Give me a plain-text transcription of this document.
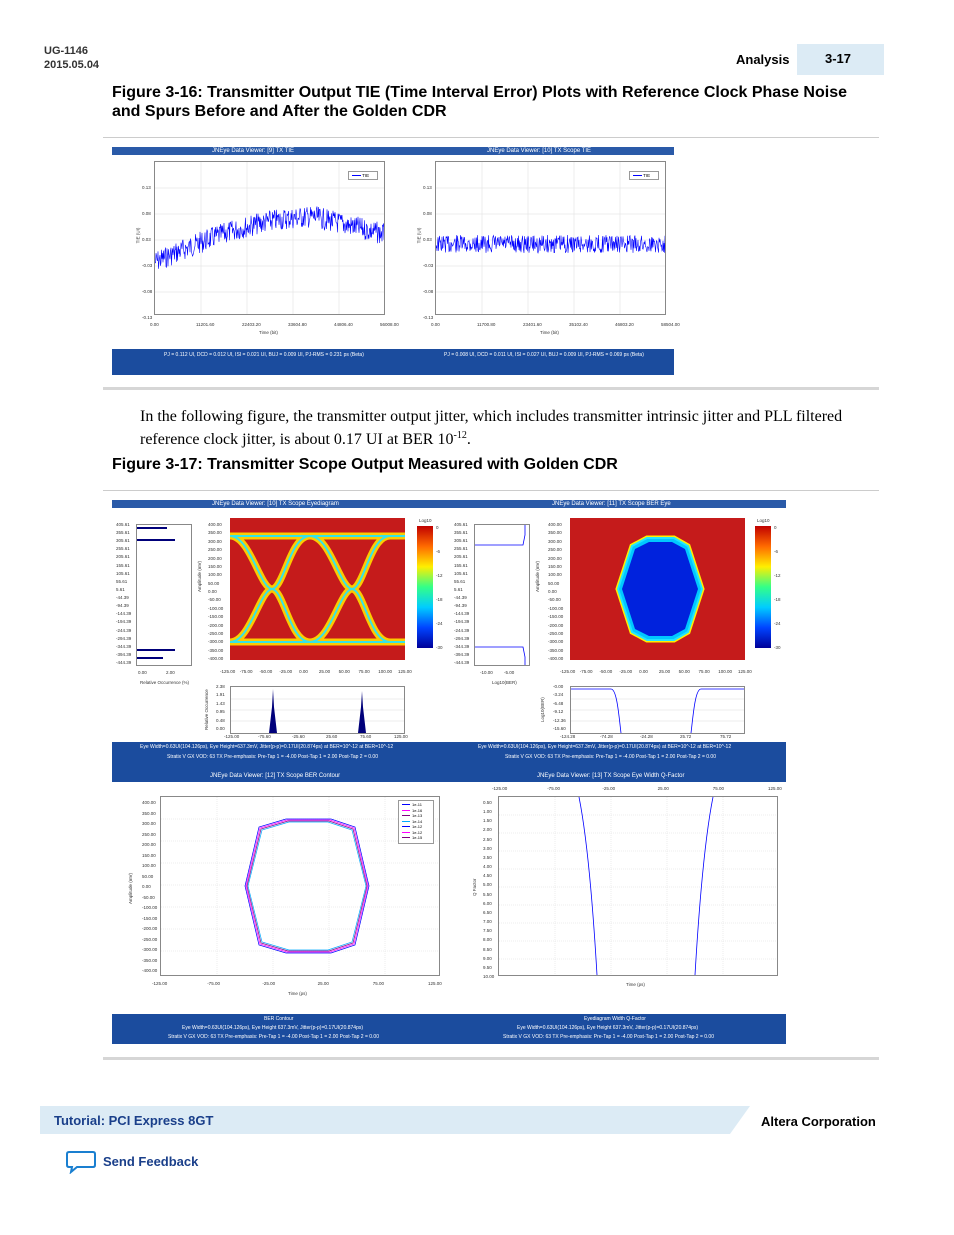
UG-1146
2015.05.04	Analysis	3-17
Figure 3-16: Transmitter Output TIE (Time Interval Error) Plots with Reference Clock Phase Noise and Spurs Before and After the Golden CDR
JNEye Data Viewer: [9] TX TIE	JNEye Data Viewer: [10] TX Scope TIE
TIE
TIE (UI)
0.13
0.08
0.03
-0.03
-0.08
-0.13
0.00	11201.60	22403.20	33604.80	44806.40	56008.00
Time (bit)
TIE
TIE (UI)
0.13
0.08
0.03
-0.03
-0.08
-0.13
0.00	11700.80	23401.60	35102.40	46803.20	58504.00
Time (bit)
PJ = 0.112 UI, DCD = 0.012 UI, ISI = 0.021 UI, BUJ = 0.009 UI, PJ-RMS = 0.231 ps (Beta)	PJ = 0.008 UI, DCD = 0.011 UI, ISI = 0.027 UI, BUJ = 0.009 UI, PJ-RMS = 0.069 ps (Beta)

In the following figure, the transmitter output jitter, which includes transmitter intrinsic jitter and PLL filtered reference clock jitter, is about 0.17 UI at BER $10^{-12}$.

Figure 3-17: Transmitter Scope Output Measured with Golden CDR
JNEye Data Viewer: [10] TX Scope Eyediagram	JNEye Data Viewer: [11] TX Scope BER Eye
405.61
355.61
305.61
255.61
205.61
155.61
105.61
55.61
5.61
-44.39
-94.39
-144.39
-194.39
-244.39
-294.39
-344.39
-394.39
-444.39
0.00	2.00
Relative Occurrence (%)
400.00
350.00
300.00
250.00
200.00
150.00
100.00
50.00
0.00
-50.00
-100.00
-150.00
-200.00
-250.00
-300.00
-350.00
-400.00
Amplitude (mV)
-125.00 -75.00 -50.00 -25.00 0.00 25.00 50.00 75.00 100.00 125.00
Log10
0
-6
-12
-18
-24
-30
405.61
355.61
305.61
255.61
205.61
155.61
105.61
55.61
5.61
-44.39
-94.39
-144.39
-194.39
-244.39
-294.39
-344.39
-394.39
-444.39
-10.00 -5.00
Log10(BER)
400.00
350.00
300.00
250.00
200.00
150.00
100.00
50.00
0.00
-50.00
-100.00
-150.00
-200.00
-250.00
-300.00
-350.00
-400.00
Amplitude (mV)
-125.00 -75.00 -50.00 -25.00 0.00 25.00 50.00 75.00 100.00 125.00
Log10
0
-6
-12
-18
-24
-30
2.38
1.91
1.43
0.95
0.48
0.00
Relative Occurrence
-125.00	-75.60	-25.60	25.60	75.60	125.00
-0.00
-3.24
-6.48
-9.12
-12.36
-15.60
Log10(BER)
-124.28	-74.28	-24.28	25.72	75.72
Eye Width=0.63UI(104.126ps), Eye Height=637.3mV, Jitter(p-p)=0.17UI(20.874ps) at BER=10^-12 at BER=10^-12
Stratix V GX VOD: 63 TX Pre-emphasis: Pre-Tap 1 = -4.00 Post-Tap 1 = 2.00 Post-Tap 2 = 0.00
Eye Width=0.63UI(104.126ps), Eye Height=637.3mV, Jitter(p-p)=0.17UI(20.874ps) at BER=10^-12 at BER=10^-12
Stratix V GX VOD: 63 TX Pre-emphasis: Pre-Tap 1 = -4.00 Post-Tap 1 = 2.00 Post-Tap 2 = 0.00
JNEye Data Viewer: [12] TX Scope BER Contour	JNEye Data Viewer: [13] TX Scope Eye Width Q-Factor
1e-11
1e-16
1e-13
1e-14
1e-12
1e-12
1e-15
400.00
350.00
300.00
250.00
200.00
150.00
100.00
50.00
0.00
-50.00
-100.00
-150.00
-200.00
-250.00
-300.00
-350.00
-400.00
Amplitude (mV)
-125.00	-75.00	-25.00	25.00	75.00	125.00
Time (ps)
0.50
1.00
1.50
2.00
2.50
3.00
3.50
4.00
4.50
5.00
5.50
6.00
6.50
7.00
7.50
8.00
8.50
9.00
9.50
10.00
Q Factor
-125.00	-75.00	-25.00	25.00	75.00	125.00
Time (ps)
BER Contour
Eye Width=0.63UI(104.126ps), Eye Height 637.3mV, Jitter(p-p)=0.17UI(20.874ps)
Stratix V GX VOD: 63 TX Pre-emphasis: Pre-Tap 1 = -4.00 Post-Tap 1 = 2.00 Post-Tap 2 = 0.00
Eyediagram Width Q-Factor
Eye Width=0.63UI(104.126ps), Eye Height 637.3mV, Jitter(p-p)=0.17UI(20.874ps)
Stratix V GX VOD: 63 TX Pre-emphasis: Pre-Tap 1 = -4.00 Post-Tap 1 = 2.00 Post-Tap 2 = 0.00
Tutorial: PCI Express 8GT	Altera Corporation
Send Feedback
